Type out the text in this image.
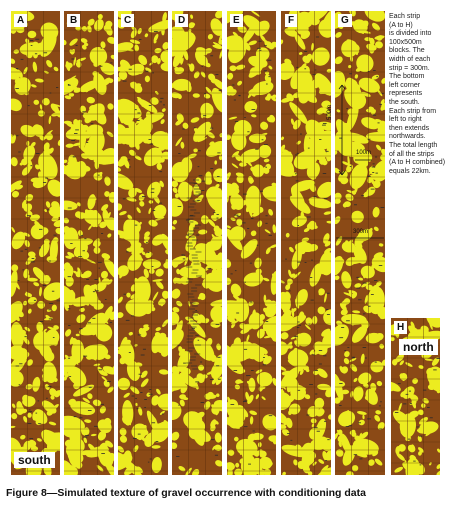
A	B	C	D	E	F	G
H
south
north
Each strip
(A to H)
is divided into
100x500m
blocks. The
width of each
strip = 300m.
The bottom
left corner
represents
the south.
Each strip from
left to right
then extends
northwards.
The total length
of all the strips
(A to H combined)
equals 22km.
500m
100m
300m
Figure 8—Simulated texture of gravel occurrence with conditioning data
